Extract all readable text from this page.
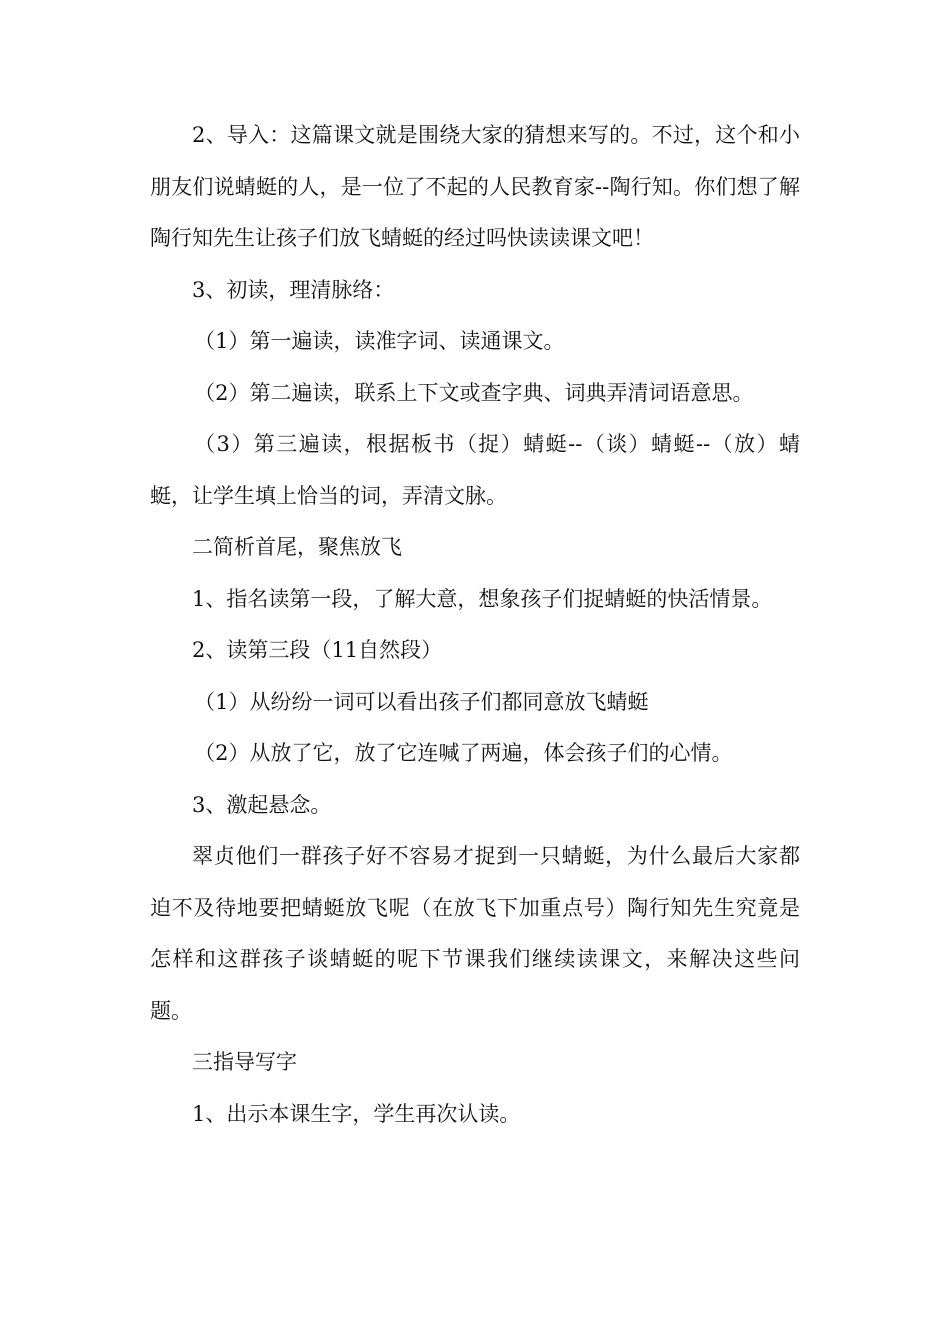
2、导入：这篇课文就是围绕大家的猜想来写的。不过，这个和小朋友们说蜻蜓的人，是一位了不起的人民教育家--陶行知。你们想了解陶行知先生让孩子们放飞蜻蜓的经过吗快读读课文吧！

3、初读，理清脉络：

（1）第一遍读，读准字词、读通课文。

（2）第二遍读，联系上下文或查字典、词典弄清词语意思。

（3）第三遍读，根据板书（捉）蜻蜓--（谈）蜻蜓--（放）蜻蜓，让学生填上恰当的词，弄清文脉。

二简析首尾，聚焦放飞

1、指名读第一段，了解大意，想象孩子们捉蜻蜓的快活情景。

2、读第三段（11自然段）

（1）从纷纷一词可以看出孩子们都同意放飞蜻蜓

（2）从放了它，放了它连喊了两遍，体会孩子们的心情。

3、激起悬念。

翠贞他们一群孩子好不容易才捉到一只蜻蜓，为什么最后大家都迫不及待地要把蜻蜓放飞呢（在放飞下加重点号）陶行知先生究竟是怎样和这群孩子谈蜻蜓的呢下节课我们继续读课文，来解决这些问题。

三指导写字

1、出示本课生字，学生再次认读。
